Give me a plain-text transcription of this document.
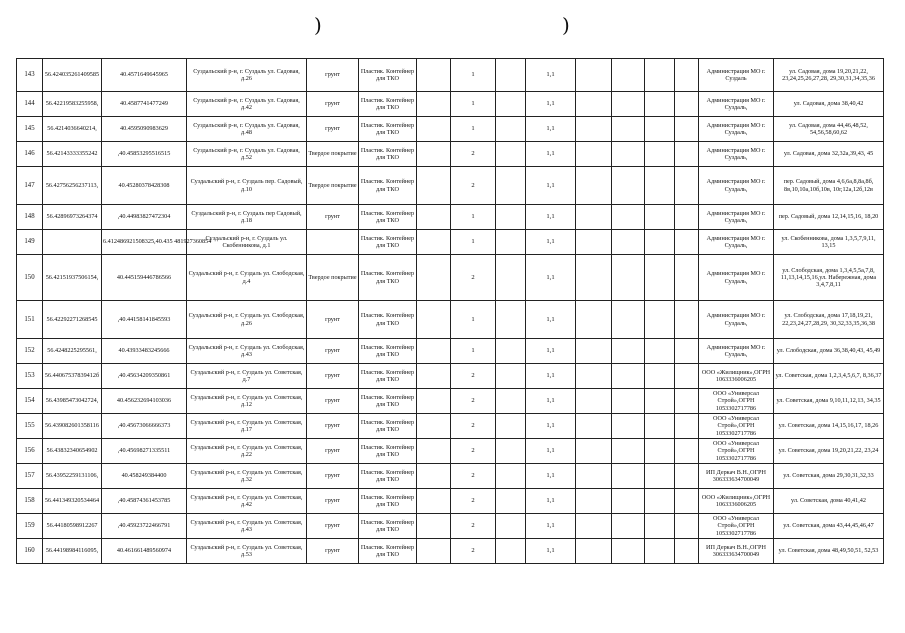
)	)
143	56.424035261409585	40.4571649645965	Суздальский р-н, г. Суздаль ул. Садовая, д.26	грунт	Пластик. Контейнер для ТКО		1		1,1					Администрация МО г. Суздаль	ул. Садовая, дома 19,20,21,22, 23,24,25,26,27,28, 29,30,31,34,35,36
144	56.42219583255958,	40.4587741477249	Суздальский р-н, г. Суздаль ул. Садовая, д.42	грунт	Пластик. Контейнер для ТКО		1		1,1					Администрация МО г. Суздаль,	ул. Садовая, дома 38,40,42
145	56.4214036640214,	40.4595090983629	Суздальский р-н, г. Суздаль ул. Садовая, д.48	грунт	Пластик. Контейнер для ТКО		1		1,1					Администрация МО г. Суздаль,	ул. Садовая, дома 44,46,48,52, 54,56,58,60,62
146	56.42143333355242	,40.45853295516515	Суздальский р-н, г. Суздаль ул. Садовая, д.52	Твердое покрытие	Пластик. Контейнер для ТКО		2		1,1					Администрация МО г. Суздаль,	ул. Садовая, дома 32,32а,39,43, 45
147	56.42756256237113,	40.45280378428308	Суздальский р-н, г. Суздаль пер. Садовый, д.10	Твердое покрытие	Пластик. Контейнер для ТКО		2		1,1					Администрация МО г. Суздаль,	пер. Садовый, дома 4,6,6а,8,8а,8б, 8в,10,10а,10б,10в, 10г,12а,12б,12в
148	56.42896973264374	,40.44983827472304	Суздальский р-н, г. Суздаль пер Садовый, д.18	грунт	Пластик. Контейнер для ТКО		1		1,1					Администрация МО г. Суздаль,	пер. Садовый, дома 12,14,15,16, 18,20
149		6.412486921508325,40.435 481927360854	Суздальский р-н, г. Суздаль ул. Скобенникова, д.1		Пластик. Контейнер для ТКО		1		1,1					Администрация МО г. Суздаль,	ул. Скобенникова, дома 1,3,5,7,9,11, 13,15
150	56.42151937506154,	40.445159446786566	Суздальский р-н, г. Суздаль ул. Слободская, д.4	Твердое покрытие	Пластик. Контейнер для ТКО		2		1,1					Администрация МО г. Суздаль,	ул. Слободская, дома 1,3,4,5,5а,7,8, 11,13,14,15,16,ул. Набережная, дома 3,4,7,8,11
151	56.42292271268545	,40.44158141845593	Суздальский р-н, г. Суздаль ул. Слободская, д.26	грунт	Пластик. Контейнер для ТКО		1		1,1					Администрация МО г. Суздаль,	ул. Слободская, дома 17,18,19,21, 22,23,24,27,28,29, 30,32,33,35,36,38
152	56.4248225295561,	40.43933483245666	Суздальский р-н, г. Суздаль ул. Слободская, д.43	грунт	Пластик. Контейнер для ТКО		1		1,1					Администрация МО г. Суздаль,	ул. Слободская, дома 36,38,40,43, 45,49
153	56.44067537839412б	,40.45634209350861	Суздальский р-н, г. Суздаль ул. Советская, д.7	грунт	Пластик. Контейнер для ТКО		2		1,1					ООО «Жилищник»,ОГРН 1063336006205	ул. Советская, дома 1,2,3,4,5,6,7, 8,36,37
154	56.43985473042724,	40.456232694103036	Суздальский р-н, г. Суздаль ул. Советская, д.12	грунт	Пластик. Контейнер для ТКО		2		1,1					ООО «Универсал Строй»,ОГРН 1053302717786	ул. Советская, дома 9,10,11,12,13, 34,35
155	56.439082601358116	,40.45673066666373	Суздальский р-н, г. Суздаль ул. Советская, д.17	грунт	Пластик. Контейнер для ТКО		2		1,1					ООО «Универсал Строй»,ОГРН 1053302717786	ул. Советская, дома 14,15,16,17, 18,26
156	56.43832340654902	,40.45698271335511	Суздальский р-н, г. Суздаль ул. Советская, д.22	грунт	Пластик. Контейнер для ТКО		2		1,1					ООО «Универсал Строй»,ОГРН 1053302717786	ул. Советская, дома 19,20,21,22, 23,24
157	56.43952259131106,	40.458249384400	Суздальский р-н, г. Суздаль ул. Советская, д.32	грунт	Пластик. Контейнер для ТКО		2		1,1					ИП Деркач В.Н.,ОГРН 306333634700049	ул. Советская, дома 29,30,31,32,33
158	56.441349320534464	,40.45874361453785	Суздальский р-н, г. Суздаль ул. Советская, д.42	грунт	Пластик. Контейнер для ТКО		2		1,1					ООО «Жилищник»,ОГРН 1063336006205	ул. Советская, дома 40,41,42
159	56.44180598912267	,40.45923722466791	Суздальский р-н, г. Суздаль ул. Советская, д.43	грунт	Пластик. Контейнер для ТКО		2		1,1					ООО «Универсал Строй»,ОГРН 1053302717786	ул. Советская, дома 43,44,45,46,47
160	56.44198984116095,	40.461661489560974	Суздальский р-н, г. Суздаль ул. Советская, д.53	грунт	Пластик. Контейнер для ТКО		2		1,1					ИП Деркач В.Н.,ОГРН 306333634700049	ул. Советская, дома 48,49,50,51, 52,53
